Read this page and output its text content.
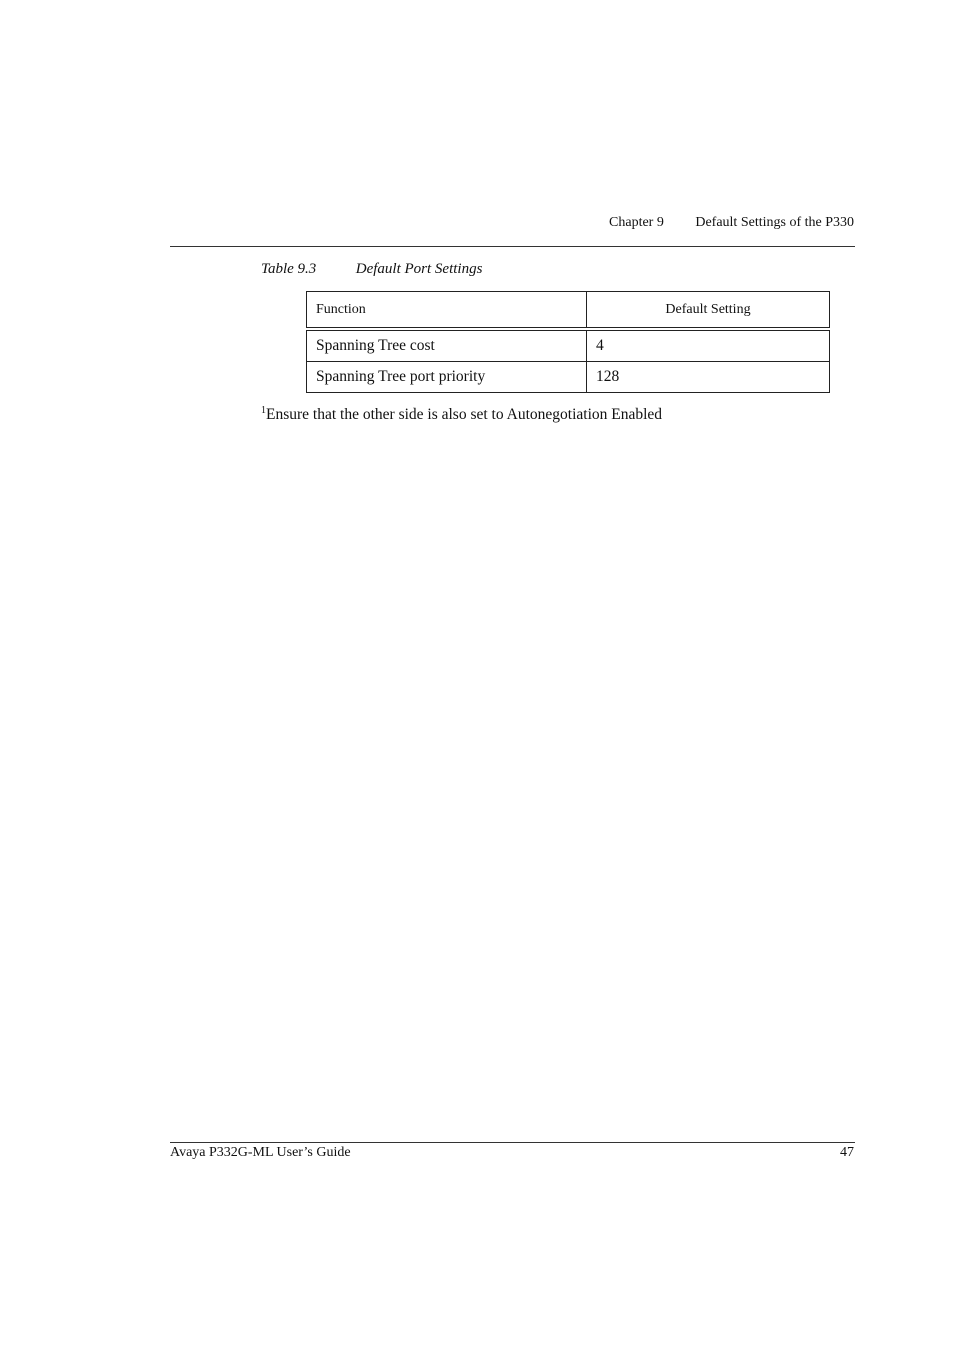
Chapter 9 Default Settings of the P330
Table 9.3	Default Port Settings
Function	Default Setting
Spanning Tree cost	4
Spanning Tree port priority	128
$^1$Ensure that the other side is also set to Autonegotiation Enabled
Avaya P332G-ML User’s Guide	47
